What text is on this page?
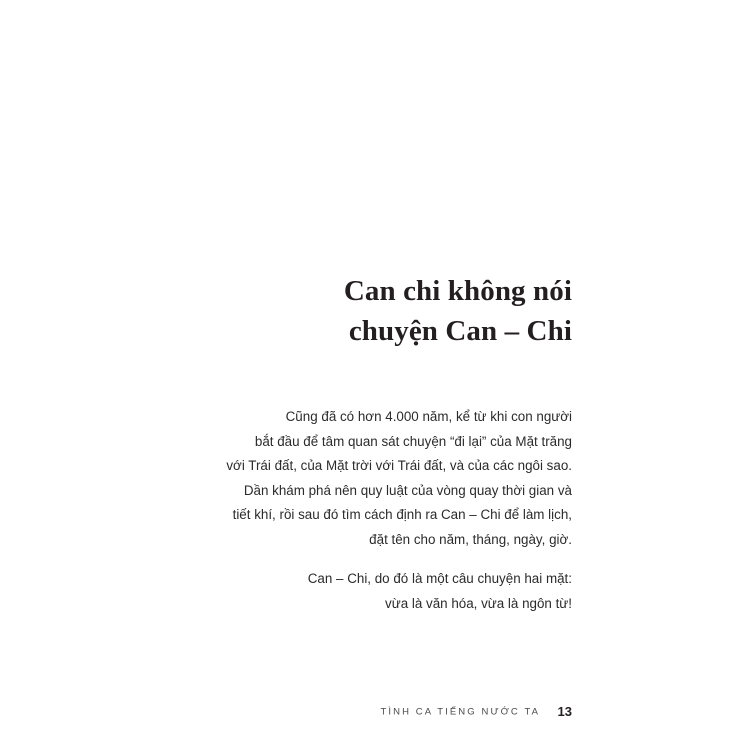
Can chi không nói
chuyện Can – Chi

Cũng đã có hơn 4.000 năm, kể từ khi con người
bắt đầu để tâm quan sát chuyện “đi lại” của Mặt trăng
với Trái đất, của Mặt trời với Trái đất, và của các ngôi sao.
Dần khám phá nên quy luật của vòng quay thời gian và
tiết khí, rồi sau đó tìm cách định ra Can – Chi để làm lịch,
đặt tên cho năm, tháng, ngày, giờ.

Can – Chi, do đó là một câu chuyện hai mặt:
vừa là văn hóa, vừa là ngôn từ!

TÌNH CA TIẾNG NƯỚC TA 13
